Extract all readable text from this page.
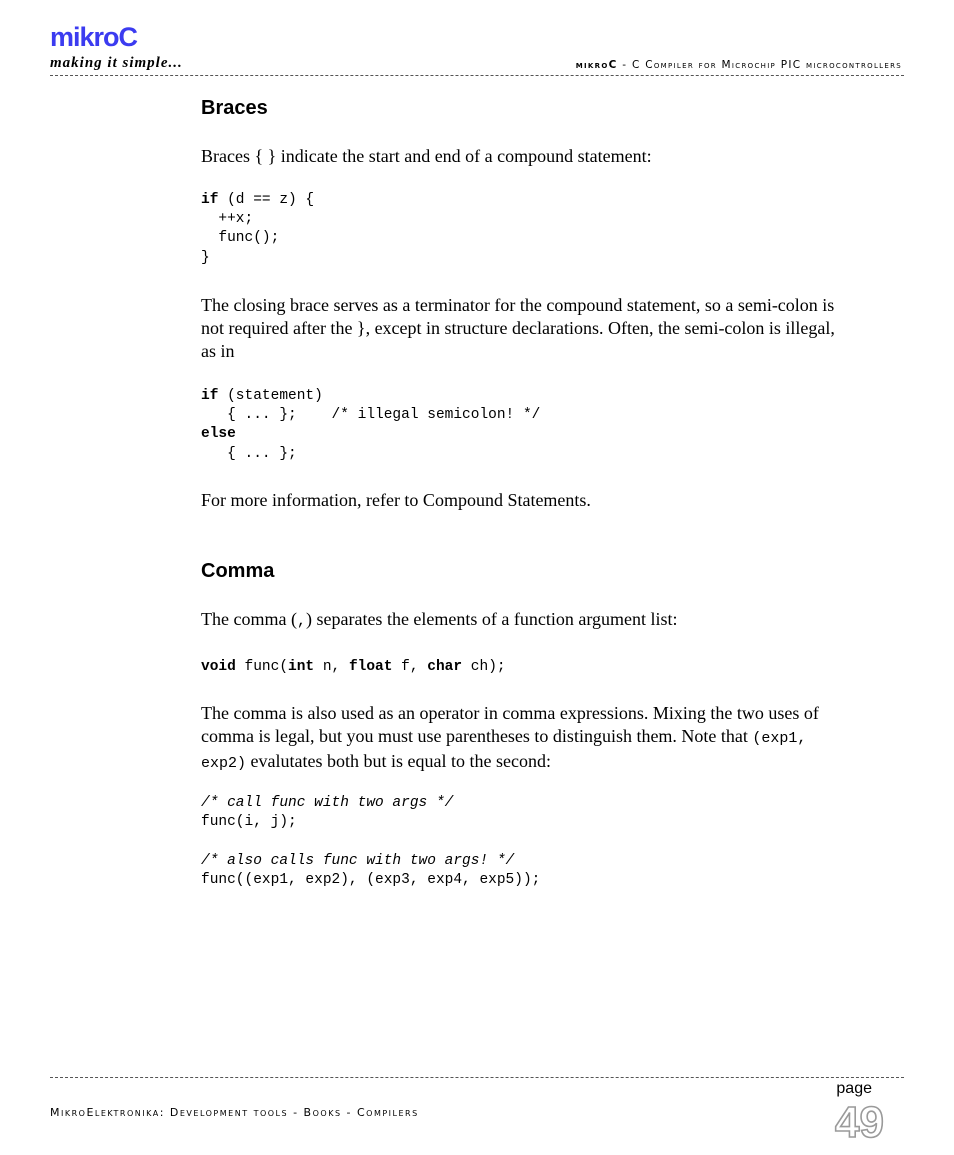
mikroC
making it simple...	mikroC - C Compiler for Microchip PIC microcontrollers
Braces

Braces { } indicate the start and end of a compound statement:

if (d == z) {
++x;
func();
}

The closing brace serves as a terminator for the compound statement, so a semi-colon is not required after the }, except in structure declarations. Often, the semi-colon is illegal, as in

if (statement)
{ ... };    /* illegal semicolon! */
else
{ ... };

For more information, refer to Compound Statements.

Comma

The comma (,) separates the elements of a function argument list:

void func(int n, float f, char ch);

The comma is also used as an operator in comma expressions. Mixing the two uses of comma is legal, but you must use parentheses to distinguish them. Note that (exp1, exp2) evalutates both but is equal to the second:

/* call func with two args */
func(i, j);

/* also calls func with two args! */
func((exp1, exp2), (exp3, exp4, exp5));
MikroElektronika: Development tools - Books - Compilers
page
49
